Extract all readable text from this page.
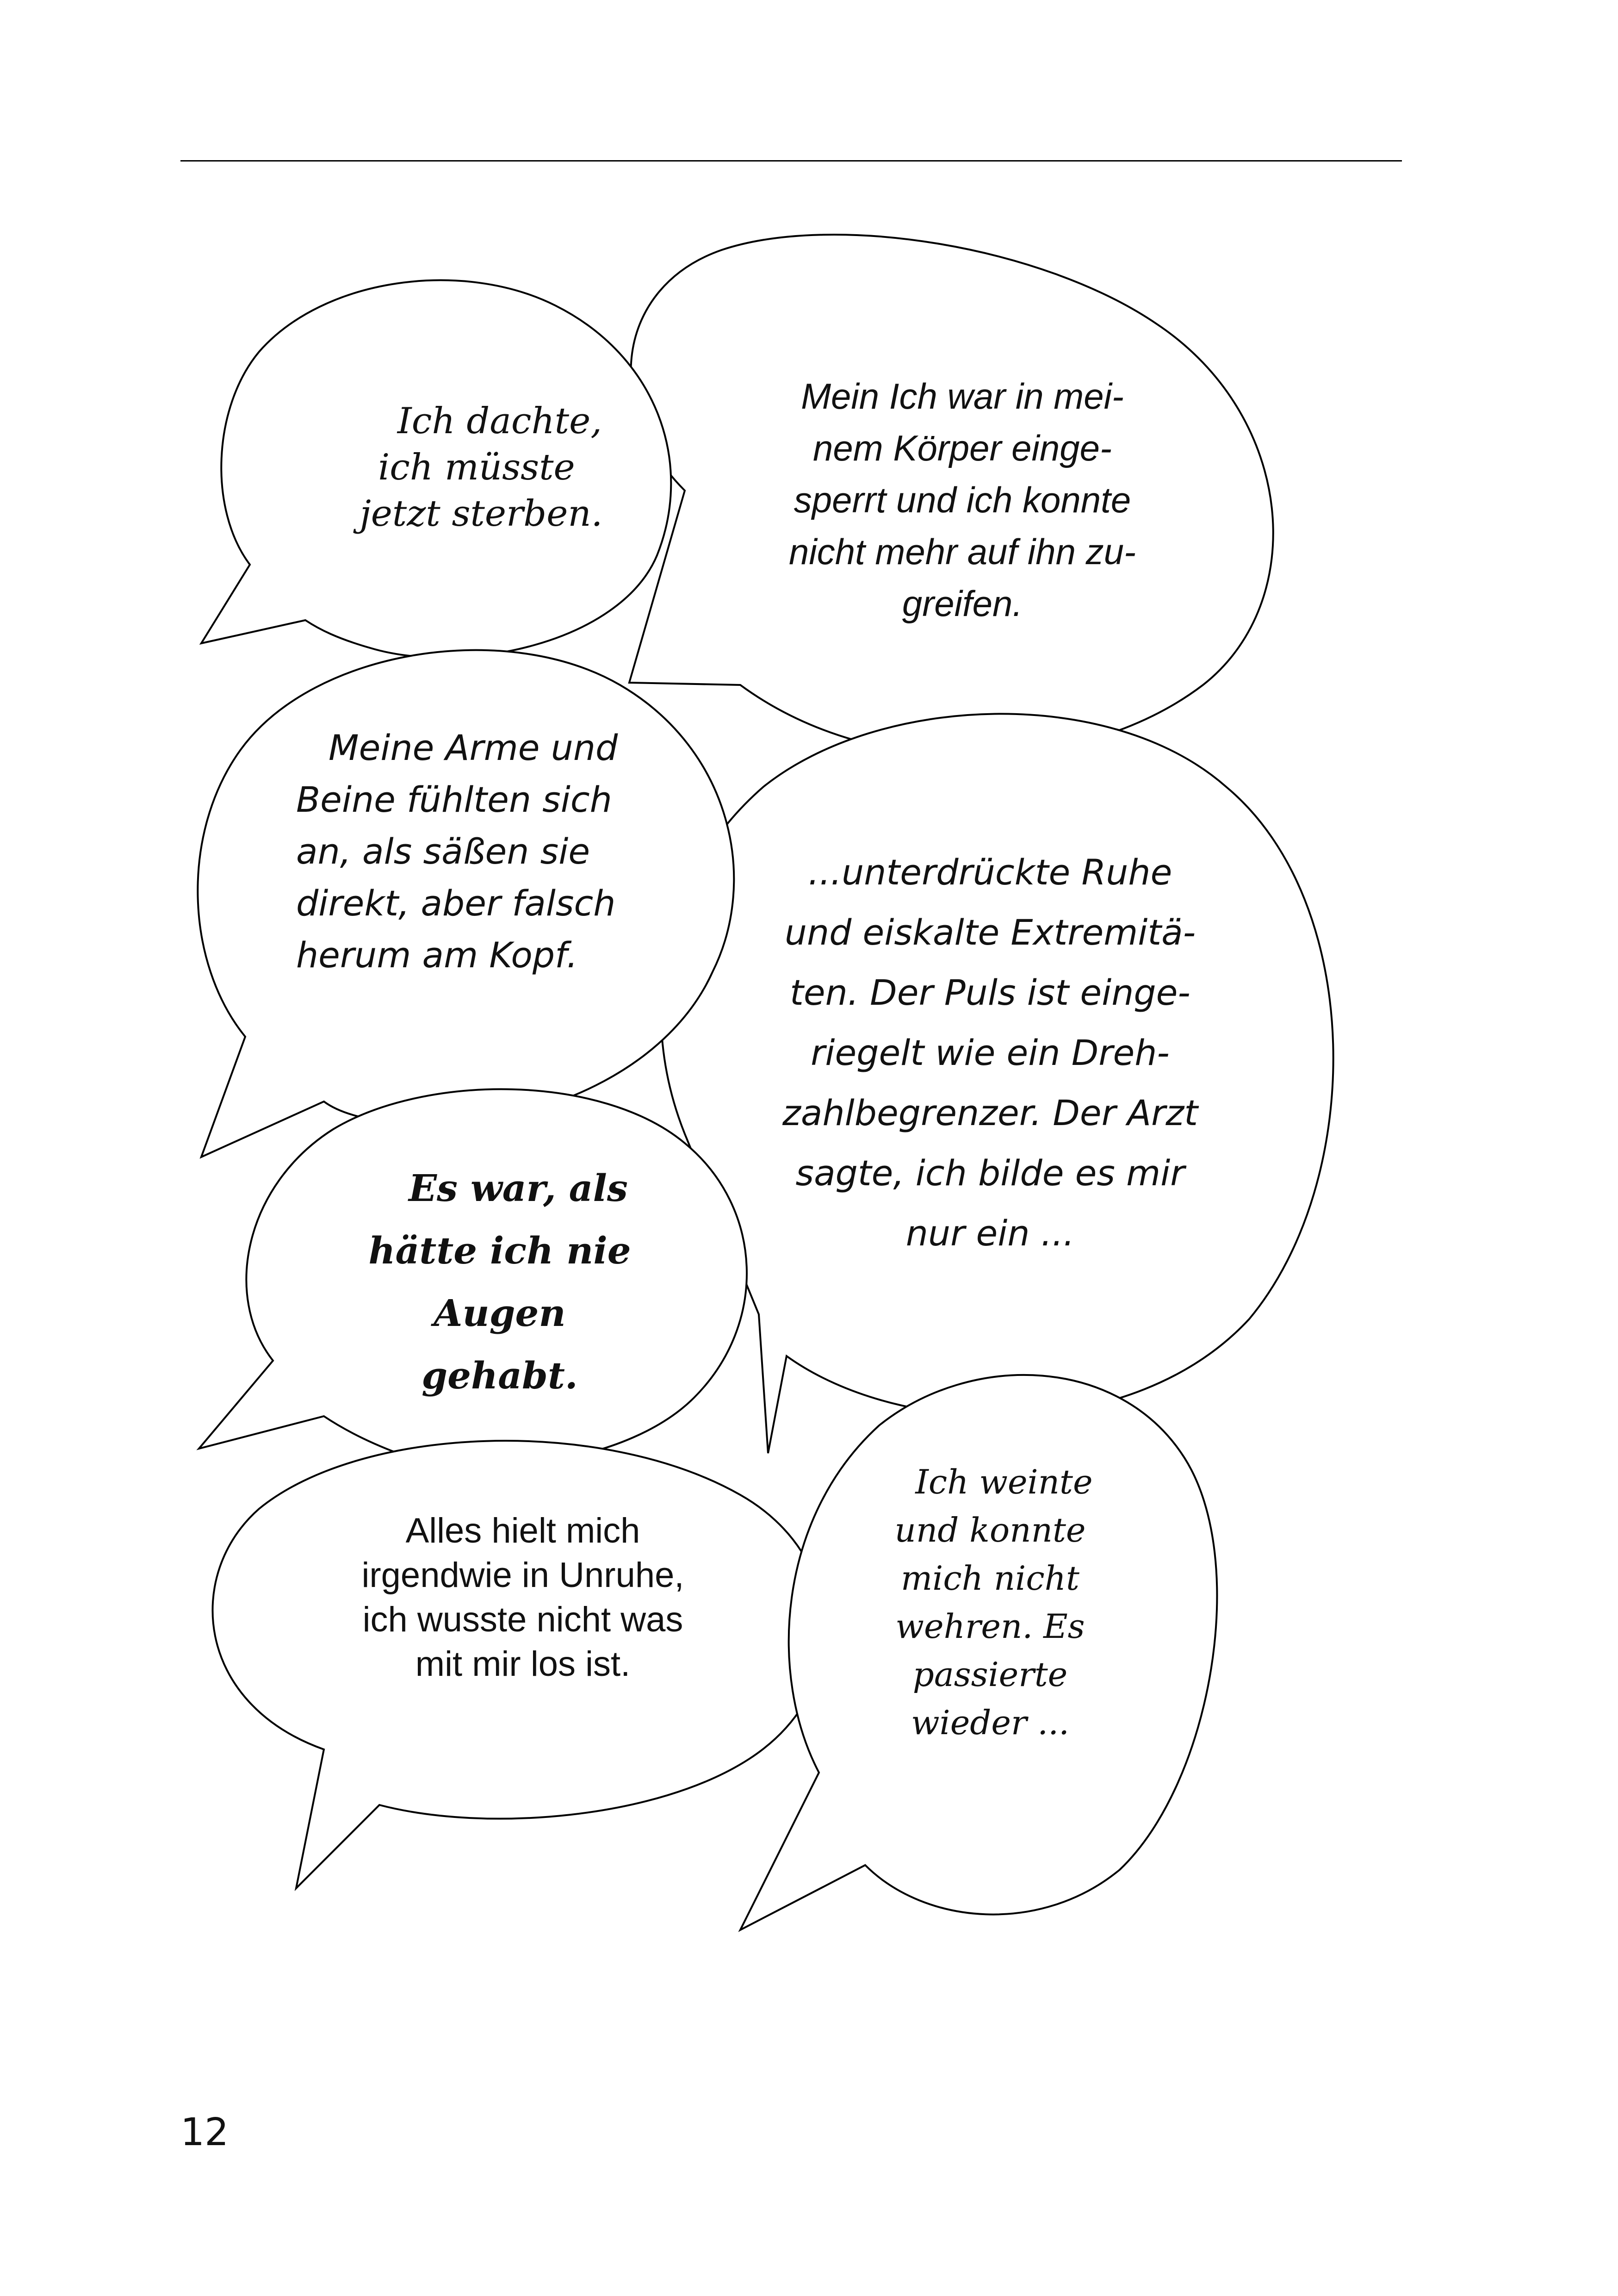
Ich dachte,
ich müsste
jetzt sterben.
Mein Ich war in mei-
nem Körper einge-
sperrt und ich konnte
nicht mehr auf ihn zu-
greifen.
Meine Arme und
Beine fühlten sich
an, als säßen sie
direkt, aber falsch
herum am Kopf.
...unterdrückte Ruhe
und eiskalte Extremitä-
ten. Der Puls ist einge-
riegelt wie ein Dreh-
zahlbegrenzer. Der Arzt
sagte, ich bilde es mir
nur ein ...
Es war, als
hätte ich nie
Augen
gehabt.
Alles hielt mich
irgendwie in Unruhe,
ich wusste nicht was
mit mir los ist.
Ich weinte
und konnte
mich nicht
wehren. Es
passierte
wieder ...
12
